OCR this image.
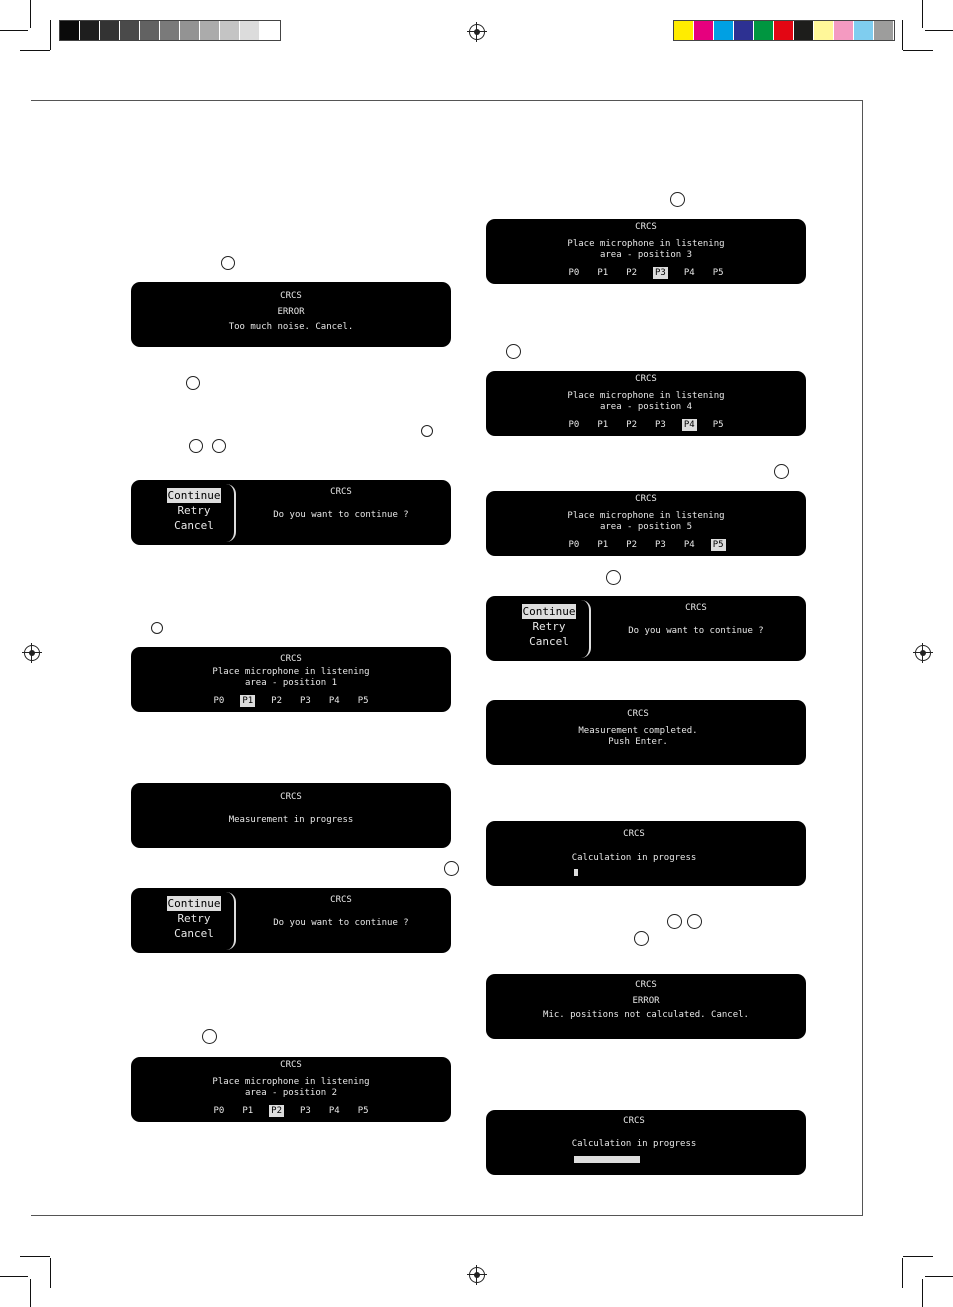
CRCS
ERROR
Too much noise. Cancel.
Continue
Retry
Cancel
CRCS
Do you want to continue ?
CRCS
Place microphone in listening
area - position 1
P0 P1 P2 P3 P4 P5
CRCS
Measurement in progress
Continue
Retry
Cancel
CRCS
Do you want to continue ?
CRCS
Place microphone in listening
area - position 2
P0 P1 P2 P3 P4 P5
CRCS
Place microphone in listening
area - position 3
P0 P1 P2 P3 P4 P5
CRCS
Place microphone in listening
area - position 4
P0 P1 P2 P3 P4 P5
CRCS
Place microphone in listening
area - position 5
P0 P1 P2 P3 P4 P5
Continue
Retry
Cancel
CRCS
Do you want to continue ?
CRCS
Measurement completed.
Push Enter.
CRCS
Calculation in progress
CRCS
ERROR
Mic. positions not calculated. Cancel.
CRCS
Calculation in progress
